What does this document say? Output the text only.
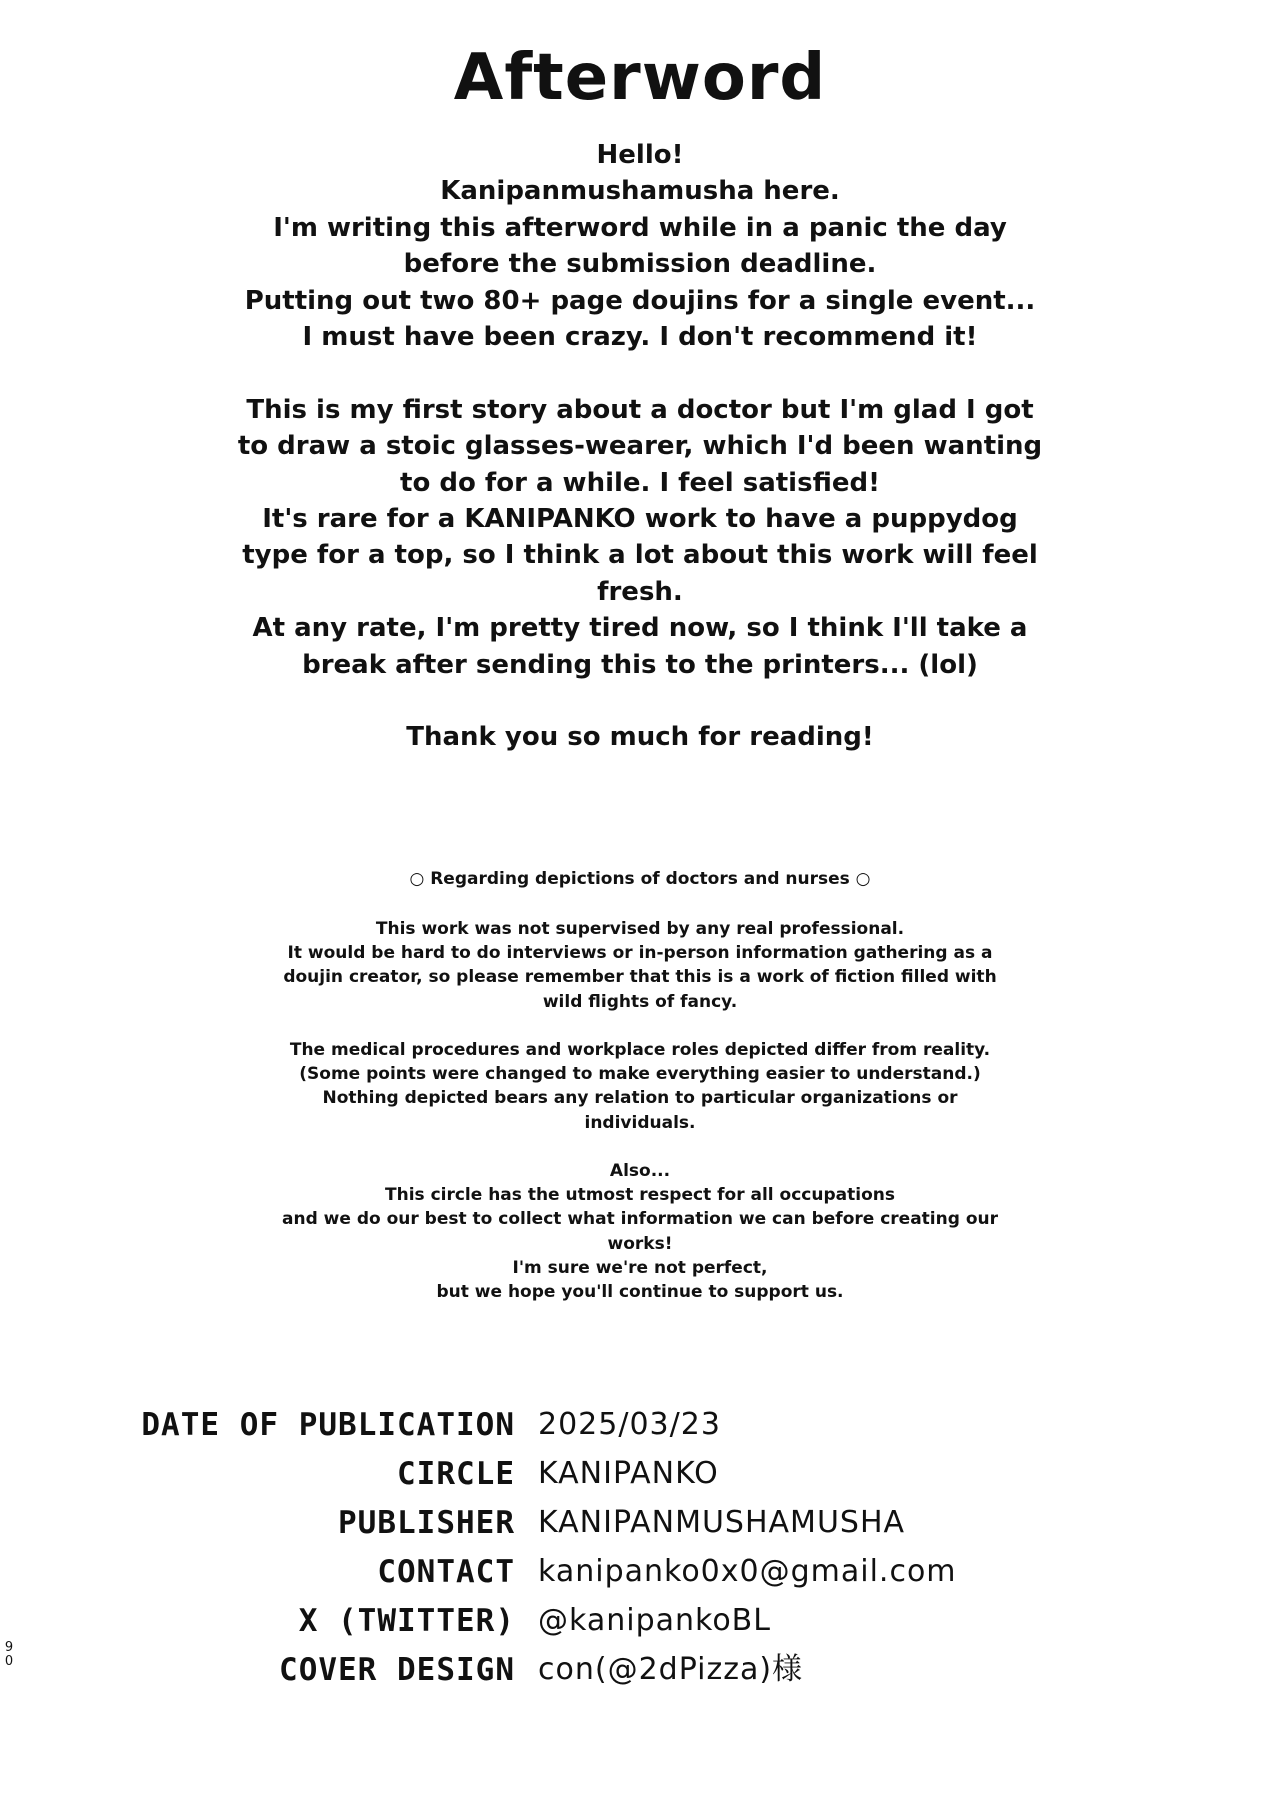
Afterword
Hello!
Kanipanmushamusha here.
I'm writing this afterword while in a panic the day
before the submission deadline.
Putting out two 80+ page doujins for a single event...
I must have been crazy. I don't recommend it!
This is my first story about a doctor but I'm glad I got
to draw a stoic glasses-wearer, which I'd been wanting
to do for a while. I feel satisfied!
It's rare for a KANIPANKO work to have a puppydog
type for a top, so I think a lot about this work will feel
fresh.
At any rate, I'm pretty tired now, so I think I'll take a
break after sending this to the printers... (lol)
Thank you so much for reading!
○ Regarding depictions of doctors and nurses ○
This work was not supervised by any real professional.
It would be hard to do interviews or in-person information gathering as a
doujin creator, so please remember that this is a work of fiction filled with
wild flights of fancy.
The medical procedures and workplace roles depicted differ from reality.
(Some points were changed to make everything easier to understand.)
Nothing depicted bears any relation to particular organizations or
individuals.
Also...
This circle has the utmost respect for all occupations
and we do our best to collect what information we can before creating our
works!
I'm sure we're not perfect,
but we hope you'll continue to support us.
DATE OF PUBLICATION 2025/03/23
CIRCLE KANIPANKO
PUBLISHER KANIPANMUSHAMUSHA
CONTACT kanipanko0x0@gmail.com
X (TWITTER) @kanipankoBL
COVER DESIGN con(@2dPizza)様
9
0
